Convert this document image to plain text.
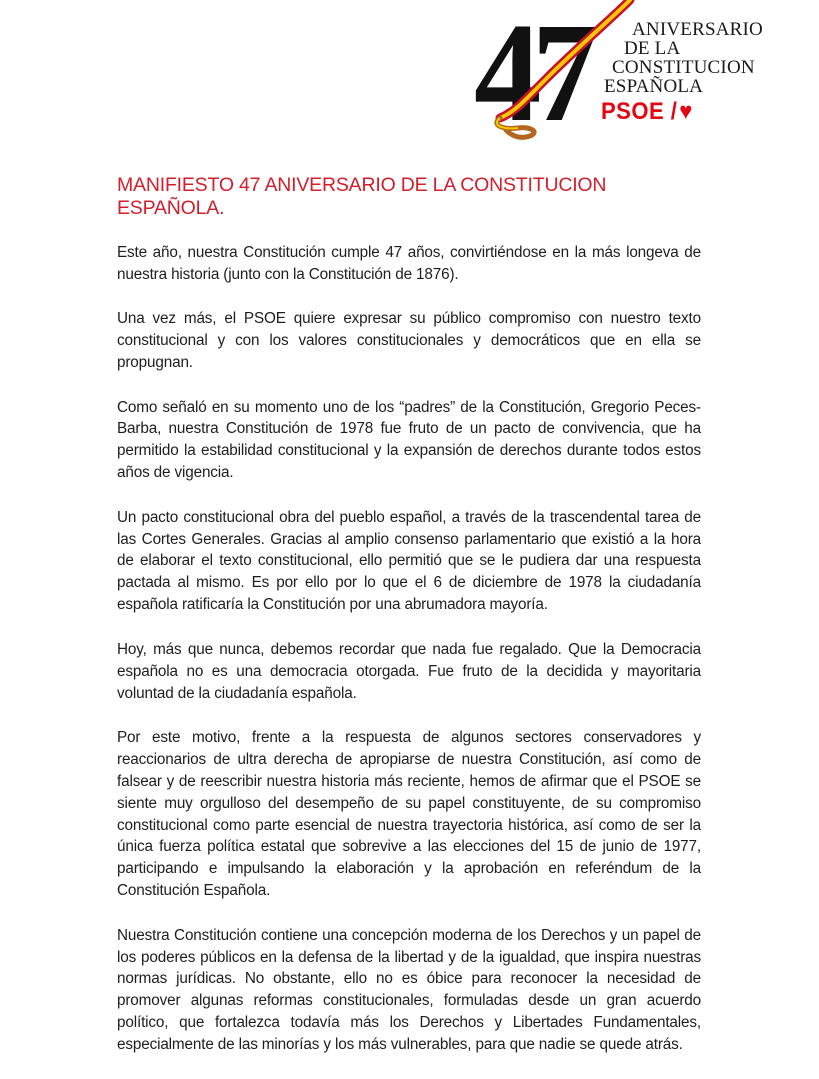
47	ANIVERSARIO
DE LA
CONSTITUCION
ESPAÑOLA
PSOE /♥
MANIFIESTO 47 ANIVERSARIO DE LA CONSTITUCION ESPAÑOLA.

Este año, nuestra Constitución cumple 47 años, convirtiéndose en la más longeva de nuestra historia (junto con la Constitución de 1876).

Una vez más, el PSOE quiere expresar su público compromiso con nuestro texto constitucional y con los valores constitucionales y democráticos que en ella se propugnan.

Como señaló en su momento uno de los “padres” de la Constitución, Gregorio Peces-Barba, nuestra Constitución de 1978 fue fruto de un pacto de convivencia, que ha permitido la estabilidad constitucional y la expansión de derechos durante todos estos años de vigencia.

Un pacto constitucional obra del pueblo español, a través de la trascendental tarea de las Cortes Generales. Gracias al amplio consenso parlamentario que existió a la hora de elaborar el texto constitucional, ello permitió que se le pudiera dar una respuesta pactada al mismo. Es por ello por lo que el 6 de diciembre de 1978 la ciudadanía española ratificaría la Constitución por una abrumadora mayoría.

Hoy, más que nunca, debemos recordar que nada fue regalado. Que la Democracia española no es una democracia otorgada. Fue fruto de la decidida y mayoritaria voluntad de la ciudadanía española.

Por este motivo, frente a la respuesta de algunos sectores conservadores y reaccionarios de ultra derecha de apropiarse de nuestra Constitución, así como de falsear y de reescribir nuestra historia más reciente, hemos de afirmar que el PSOE se siente muy orgulloso del desempeño de su papel constituyente, de su compromiso constitucional como parte esencial de nuestra trayectoria histórica, así como de ser la única fuerza política estatal que sobrevive a las elecciones del 15 de junio de 1977, participando e impulsando la elaboración y la aprobación en referéndum de la Constitución Española.

Nuestra Constitución contiene una concepción moderna de los Derechos y un papel de los poderes públicos en la defensa de la libertad y de la igualdad, que inspira nuestras normas jurídicas. No obstante, ello no es óbice para reconocer la necesidad de promover algunas reformas constitucionales, formuladas desde un gran acuerdo político, que fortalezca todavía más los Derechos y Libertades Fundamentales, especialmente de las minorías y los más vulnerables, para que nadie se quede atrás.
